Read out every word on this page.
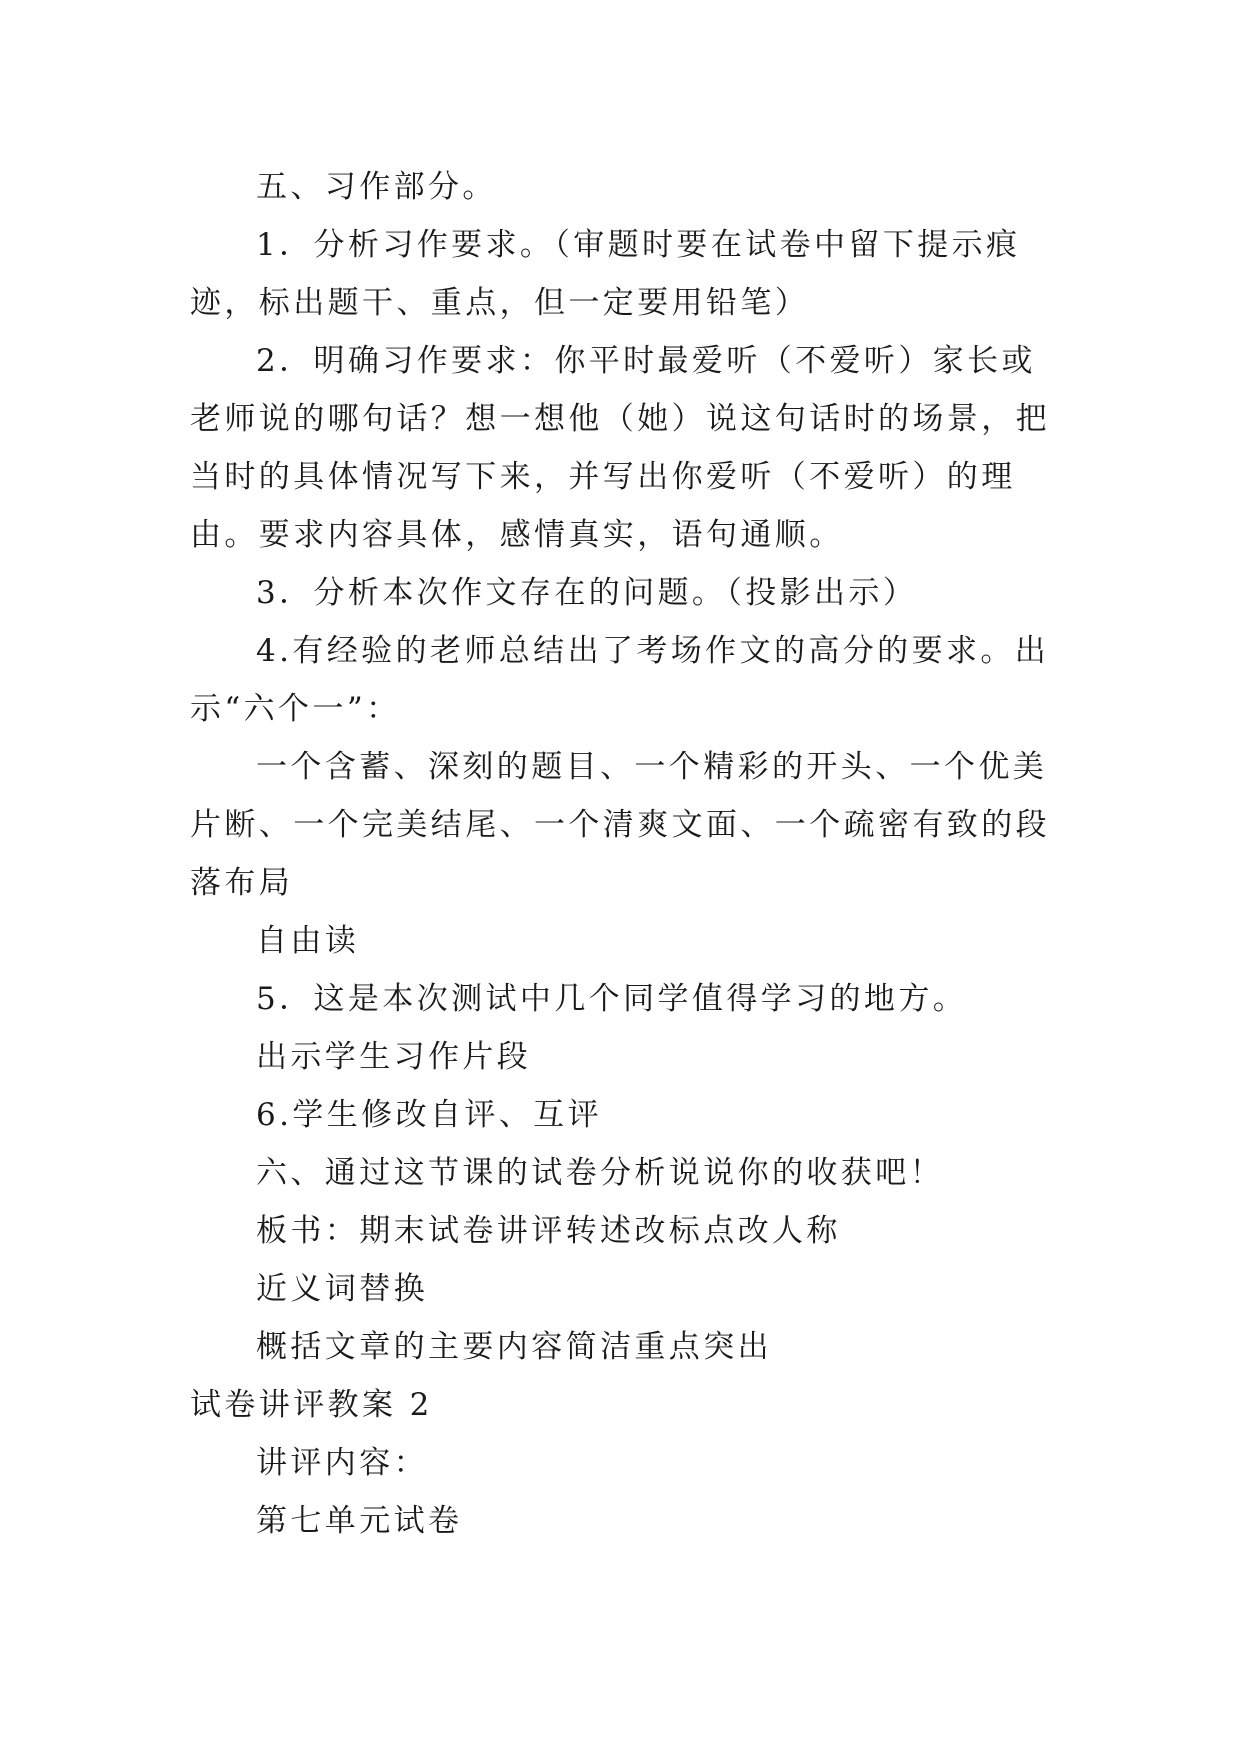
五、习作部分。

1．分析习作要求。（审题时要在试卷中留下提示痕迹，标出题干、重点，但一定要用铅笔）

2．明确习作要求：你平时最爱听（不爱听）家长或老师说的哪句话？想一想他（她）说这句话时的场景，把当时的具体情况写下来，并写出你爱听（不爱听）的理由。要求内容具体，感情真实，语句通顺。

3．分析本次作文存在的问题。（投影出示）

4.有经验的老师总结出了考场作文的高分的要求。出示“六个一”：

一个含蓄、深刻的题目、一个精彩的开头、一个优美片断、一个完美结尾、一个清爽文面、一个疏密有致的段落布局

自由读

5．这是本次测试中几个同学值得学习的地方。

出示学生习作片段

6.学生修改自评、互评

六、通过这节课的试卷分析说说你的收获吧！

板书：期末试卷讲评转述改标点改人称

近义词替换

概括文章的主要内容简洁重点突出

试卷讲评教案 2

讲评内容：

第七单元试卷
